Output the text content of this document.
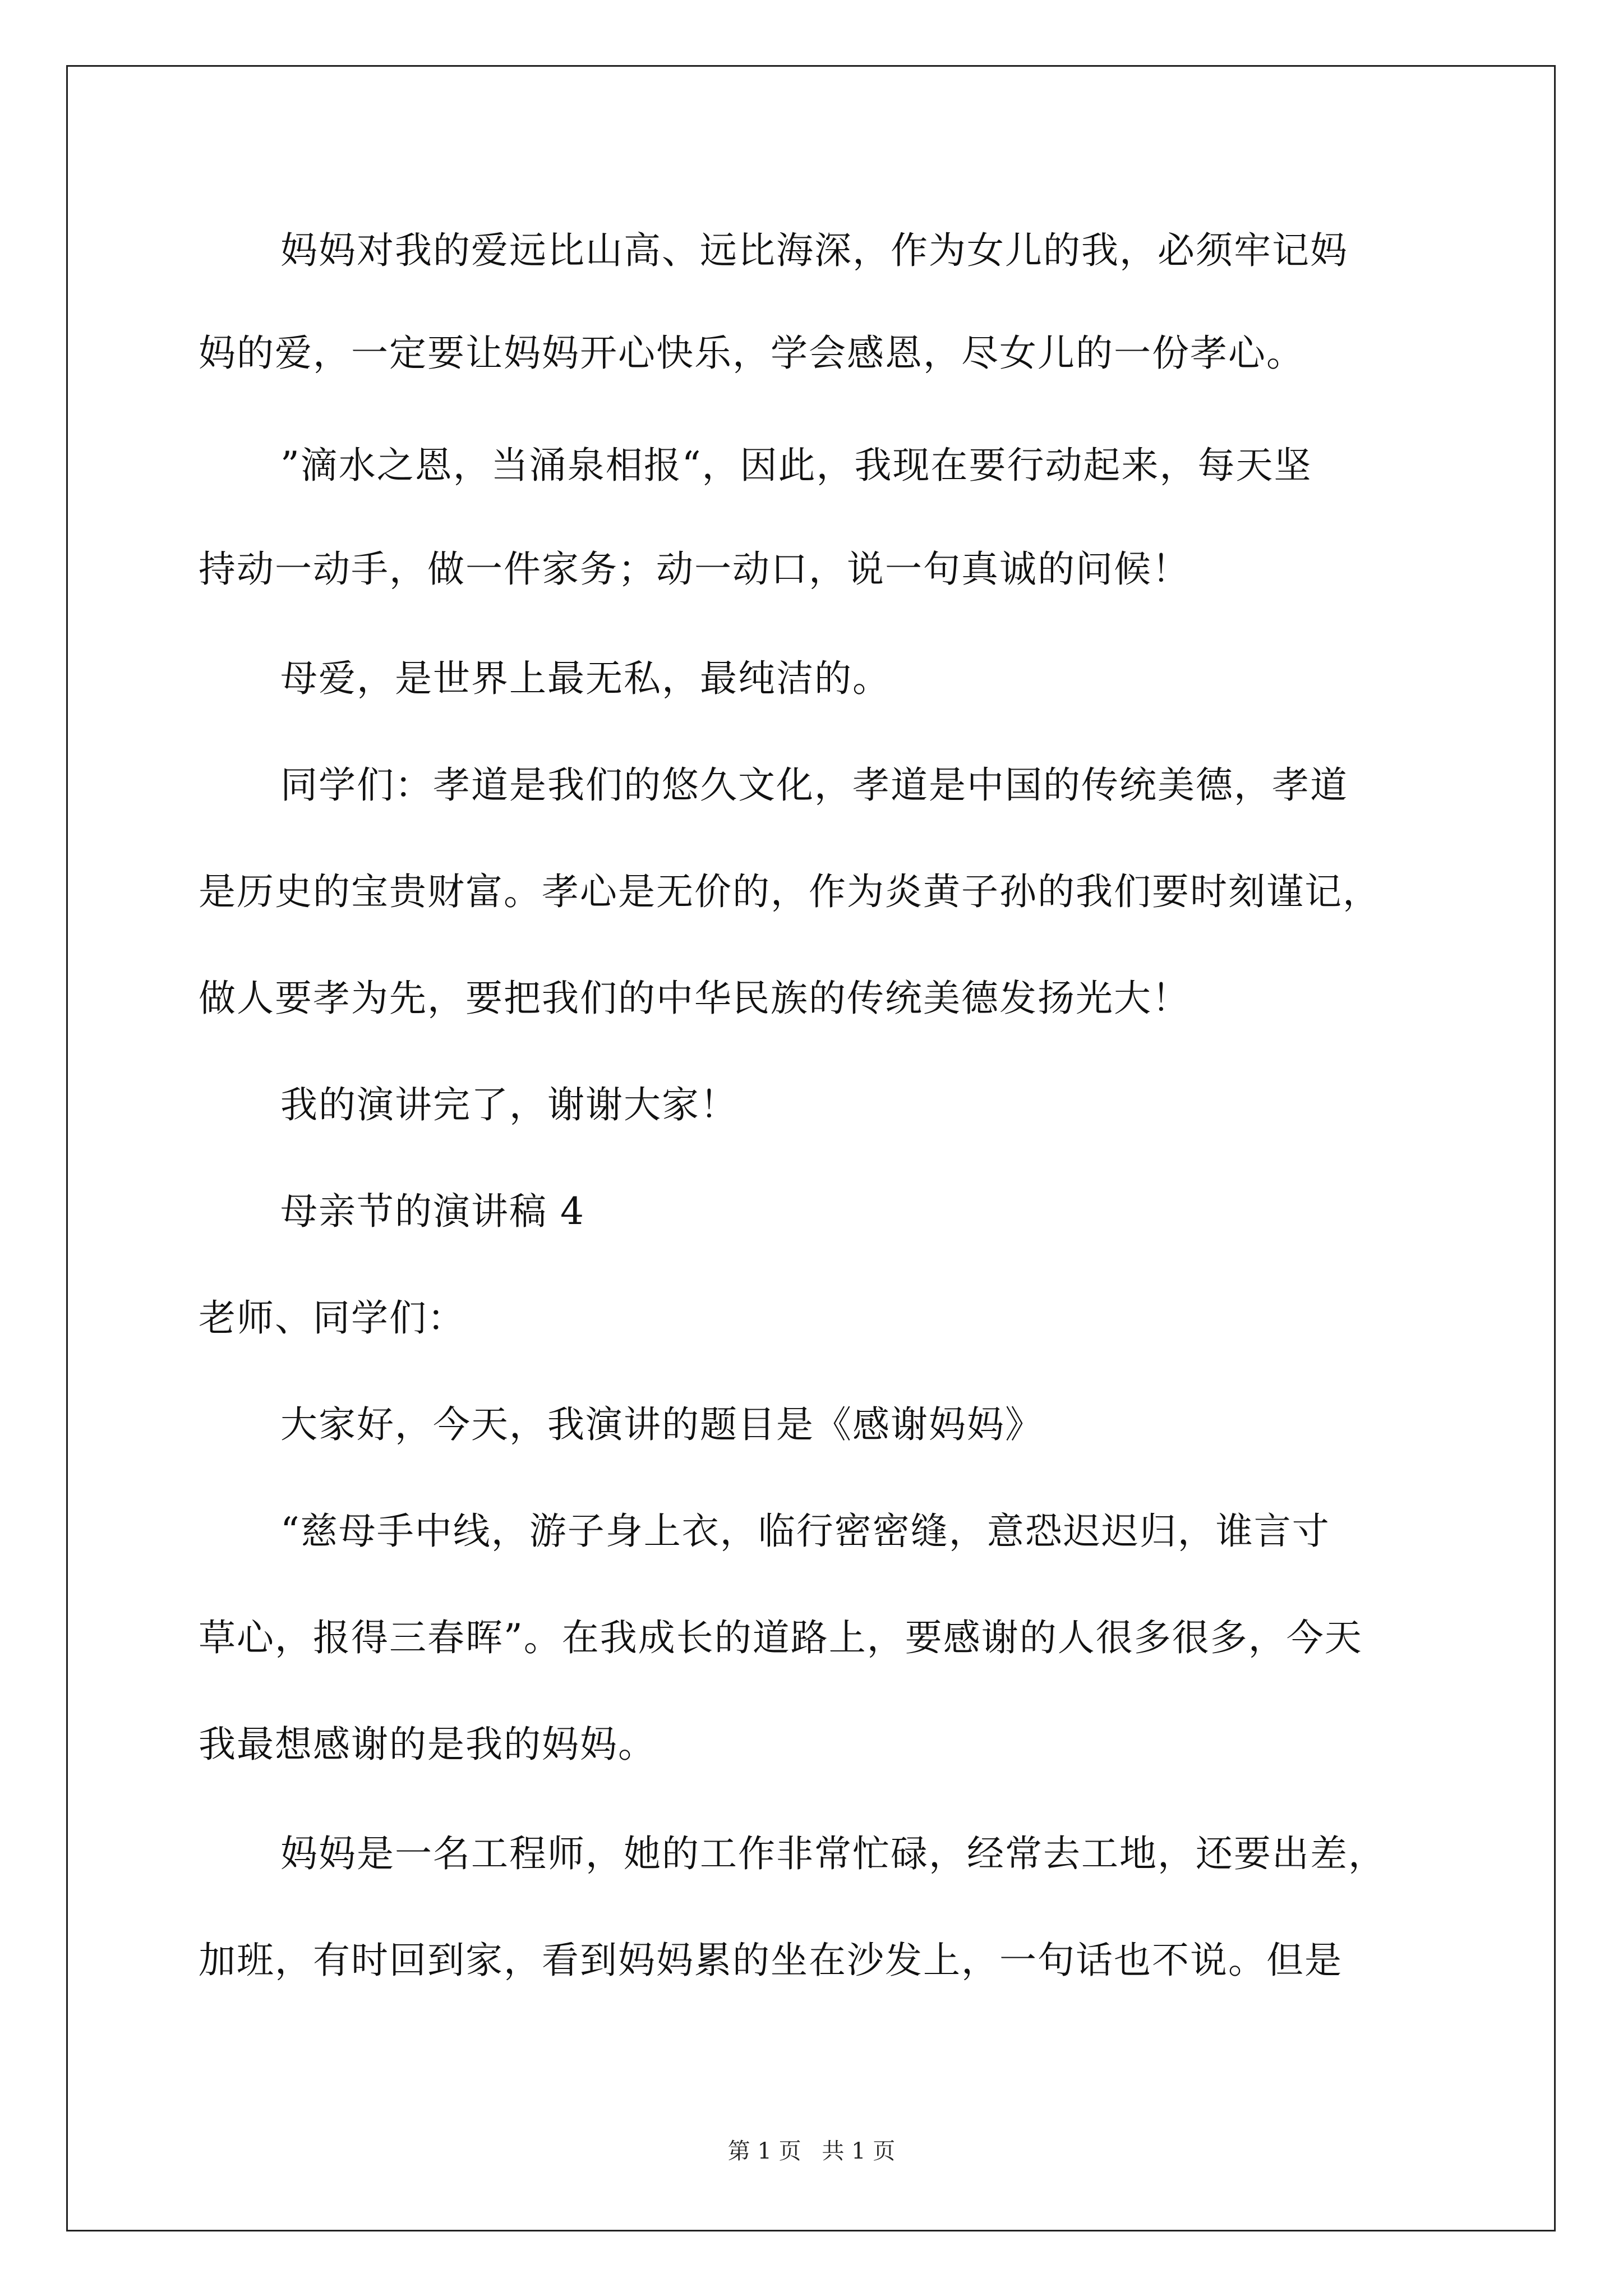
妈妈对我的爱远比山高、远比海深，作为女儿的我，必须牢记妈
妈的爱，一定要让妈妈开心快乐，学会感恩，尽女儿的一份孝心。
”滴水之恩，当涌泉相报“，因此，我现在要行动起来，每天坚
持动一动手，做一件家务；动一动口，说一句真诚的问候！
母爱，是世界上最无私，最纯洁的。
同学们：孝道是我们的悠久文化，孝道是中国的传统美德，孝道
是历史的宝贵财富。孝心是无价的，作为炎黄子孙的我们要时刻谨记，
做人要孝为先，要把我们的中华民族的传统美德发扬光大！
我的演讲完了，谢谢大家！
母亲节的演讲稿 4
老师、同学们：
大家好，今天，我演讲的题目是《感谢妈妈》
“慈母手中线，游子身上衣，临行密密缝，意恐迟迟归，谁言寸
草心，报得三春晖”。在我成长的道路上，要感谢的人很多很多，今天
我最想感谢的是我的妈妈。
妈妈是一名工程师，她的工作非常忙碌，经常去工地，还要出差，
加班，有时回到家，看到妈妈累的坐在沙发上，一句话也不说。但是
第 1 页 共 1 页
